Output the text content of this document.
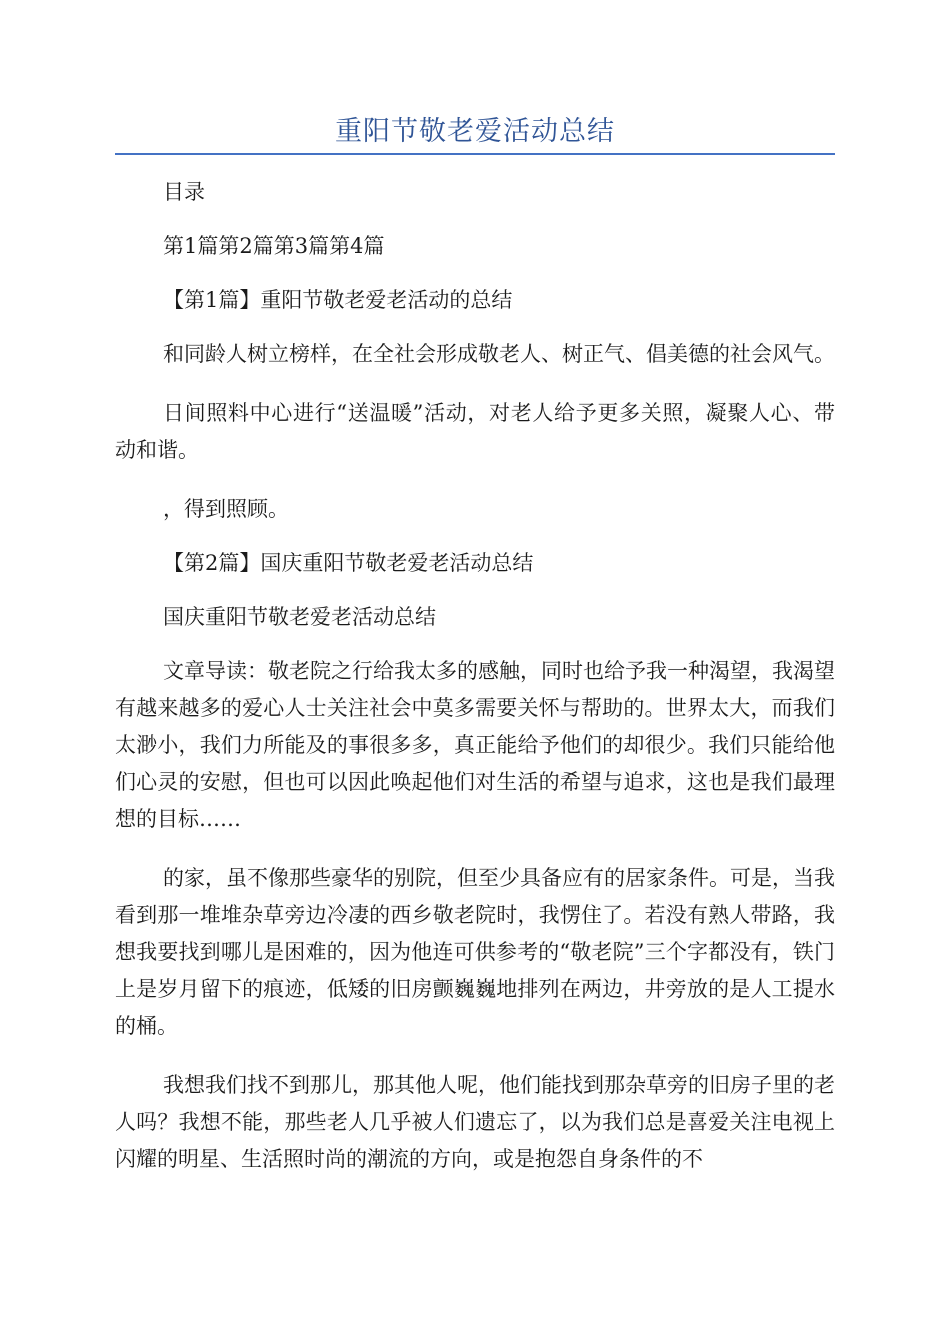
重阳节敬老爱活动总结

目录

第1篇第2篇第3篇第4篇

【第1篇】重阳节敬老爱老活动的总结

和同龄人树立榜样，在全社会形成敬老人、树正气、倡美德的社会风气。

日间照料中心进行“送温暖”活动，对老人给予更多关照，凝聚人心、带动和谐。

，得到照顾。

【第2篇】国庆重阳节敬老爱老活动总结

国庆重阳节敬老爱老活动总结

文章导读：敬老院之行给我太多的感触，同时也给予我一种渴望，我渴望有越来越多的爱心人士关注社会中莫多需要关怀与帮助的。世界太大，而我们太渺小，我们力所能及的事很多多，真正能给予他们的却很少。我们只能给他们心灵的安慰，但也可以因此唤起他们对生活的希望与追求，这也是我们最理想的目标……

的家，虽不像那些豪华的别院，但至少具备应有的居家条件。可是，当我看到那一堆堆杂草旁边冷凄的西乡敬老院时，我愣住了。若没有熟人带路，我想我要找到哪儿是困难的，因为他连可供参考的“敬老院”三个字都没有，铁门上是岁月留下的痕迹，低矮的旧房颤巍巍地排列在两边，井旁放的是人工提水的桶。

我想我们找不到那儿，那其他人呢，他们能找到那杂草旁的旧房子里的老人吗？我想不能，那些老人几乎被人们遗忘了，以为我们总是喜爱关注电视上闪耀的明星、生活照时尚的潮流的方向，或是抱怨自身条件的不
